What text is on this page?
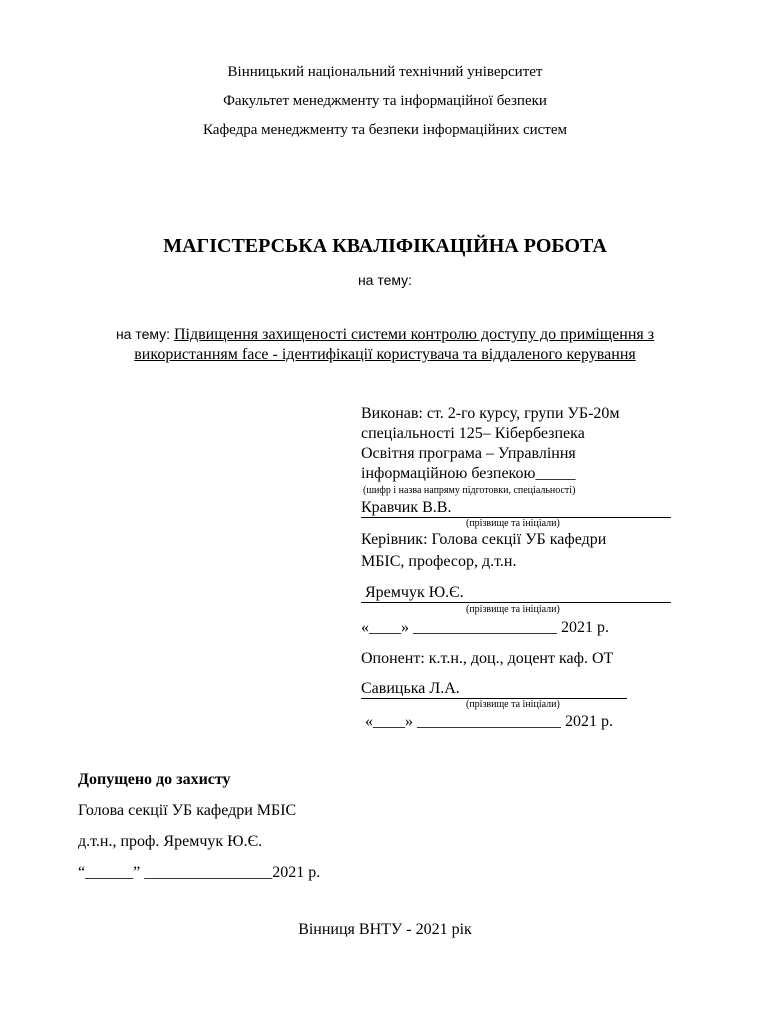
Вінницький національний технічний університет
Факультет менеджменту та інформаційної безпеки
Кафедра менеджменту та безпеки інформаційних систем
МАГІСТЕРСЬКА КВАЛІФІКАЦІЙНА РОБОТА
на тему:
на тему: Підвищення захищеності системи контролю доступу до приміщення з
використанням face - ідентифікації користувача та віддаленого керування
Виконав: ст. 2-го курсу, групи УБ-20м
спеціальності 125– Кібербезпека
Освітня програма – Управління
інформаційною безпекою_____
(шифр і назва напряму підготовки, спеціальності)
Кравчик В.В.
(прізвище та ініціали)
Керівник: Голова секції УБ кафедри
МБІС, професор, д.т.н.
Яремчук Ю.Є.
(прізвище та ініціали)
«____» __________________ 2021 р.
Опонент: к.т.н., доц., доцент каф. ОТ
Савицька Л.А.
(прізвище та ініціали)
«____» __________________ 2021 р.
Допущено до захисту
Голова секції УБ кафедри МБІС
д.т.н., проф. Яремчук Ю.Є.
“______” ________________2021 р.
Вінниця ВНТУ - 2021 рік
